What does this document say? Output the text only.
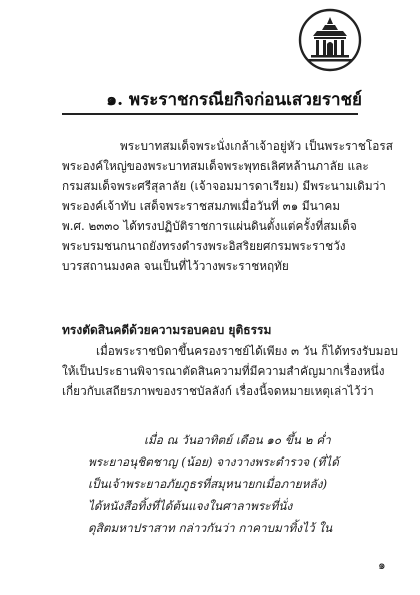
๑. พระราชกรณียกิจก่อนเสวยราชย์
พระบาทสมเด็จพระนั่งเกล้าเจ้าอยู่หัว เป็นพระราชโอรส
พระองค์ใหญ่ของพระบาทสมเด็จพระพุทธเลิศหล้านภาลัย และ
กรมสมเด็จพระศรีสุลาลัย (เจ้าจอมมารดาเรียม) มีพระนามเดิมว่า
พระองค์เจ้าทับ เสด็จพระราชสมภพเมื่อวันที่ ๓๑ มีนาคม
พ.ศ. ๒๓๓๐ ได้ทรงปฏิบัติราชการแผ่นดินตั้งแต่ครั้งที่สมเด็จ
พระบรมชนกนาถยังทรงดำรงพระอิสริยยศกรมพระราชวัง
บวรสถานมงคล จนเป็นที่ไว้วางพระราชหฤทัย
ทรงตัดสินคดีด้วยความรอบคอบ ยุติธรรม
เมื่อพระราชบิดาขึ้นครองราชย์ได้เพียง ๓ วัน ก็ได้ทรงรับมอบ
ให้เป็นประธานพิจารณาตัดสินความที่มีความสำคัญมากเรื่องหนึ่ง
เกี่ยวกับเสถียรภาพของราชบัลลังก์ เรื่องนี้จดหมายเหตุเล่าไว้ว่า
เมื่อ ณ วันอาทิตย์ เดือน ๑๐ ขึ้น ๒ ค่ำ
พระยาอนุชิตชาญ (น้อย) จางวางพระตำรวจ (ที่ได้
เป็นเจ้าพระยาอภัยภูธรที่สมุหนายกเมื่อภายหลัง)
ได้หนังสือทิ้งที่ได้ต้นแจงในศาลาพระที่นั่ง
ดุสิตมหาปราสาท กล่าวกันว่า กาคาบมาทิ้งไว้ ใน
๑
